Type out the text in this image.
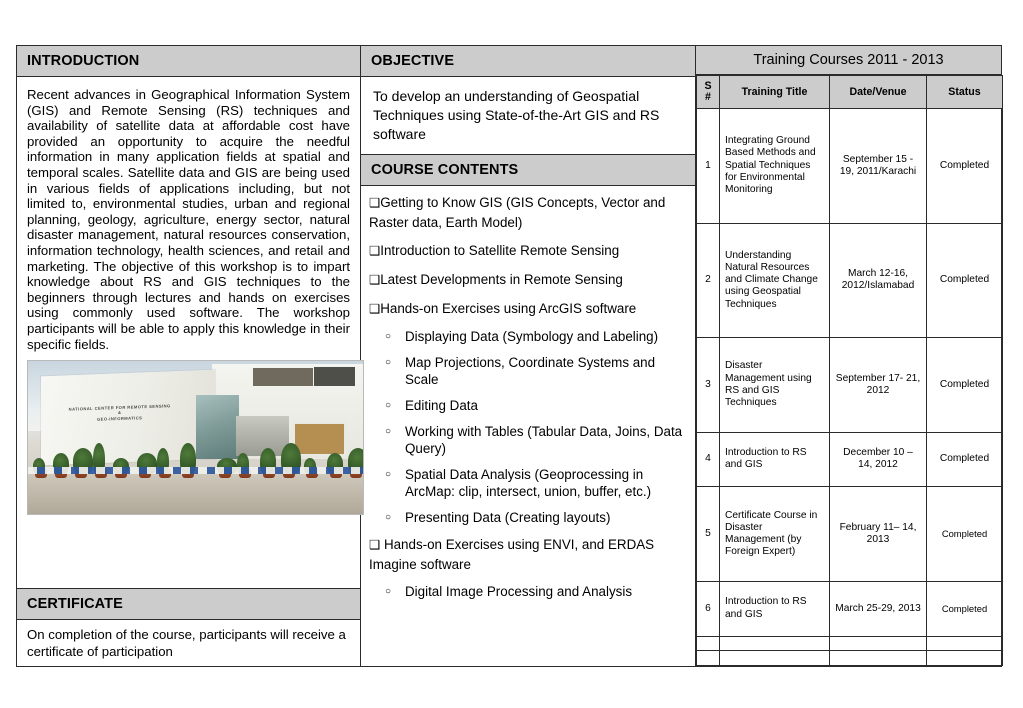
INTRODUCTION

Recent advances in Geographical Information System (GIS) and Remote Sensing (RS) techniques and availability of satellite data at affordable cost have provided an opportunity to acquire the needful information in many application fields at spatial and temporal scales. Satellite data and GIS are being used in various fields of applications including, but not limited to, environmental studies, urban and regional planning, geology, agriculture, energy sector, natural disaster management, natural resources conservation, information technology, health sciences, and retail and marketing. The objective of this workshop is to impart knowledge about RS and GIS techniques to the beginners through lectures and hands on exercises using commonly used software. The workshop participants will be able to apply this knowledge in their specific fields.

NATIONAL CENTER FOR REMOTE SENSING
&
GEO-INFORMATICS
CERTIFICATE
On completion of the course, participants will receive a certificate of participation
OBJECTIVE
To develop an understanding of Geospatial Techniques using State-of-the-Art GIS and RS software
COURSE CONTENTS
❑Getting to Know GIS (GIS Concepts, Vector and Raster data, Earth Model)
❑Introduction to Satellite Remote Sensing
❑Latest Developments in Remote Sensing
❑Hands-on Exercises using ArcGIS software
○	Displaying Data (Symbology and Labeling)
○	Map Projections, Coordinate Systems and Scale
○	Editing Data
○	Working with Tables (Tabular Data, Joins, Data Query)
○	Spatial Data Analysis (Geoprocessing in ArcMap: clip, intersect, union, buffer, etc.)
○	Presenting Data (Creating layouts)
❑ Hands-on Exercises using ENVI, and ERDAS Imagine software
○	Digital Image Processing and Analysis
Training Courses 2011 - 2013
S
#	Training Title	Date/Venue	Status
1	Integrating Ground Based Methods and Spatial Techniques for Environmental Monitoring	September 15 - 19, 2011/Karachi	Completed
2	Understanding Natural Resources and Climate Change using Geospatial Techniques	March 12-16, 2012/Islamabad	Completed
3	Disaster Management using RS and GIS Techniques	September 17- 21, 2012	Completed
4	Introduction to RS and GIS	December 10 – 14, 2012	Completed
5	Certificate Course in Disaster Management (by Foreign Expert)	February 11– 14, 2013	Completed
6	Introduction to RS and GIS	March 25-29, 2013	Completed
